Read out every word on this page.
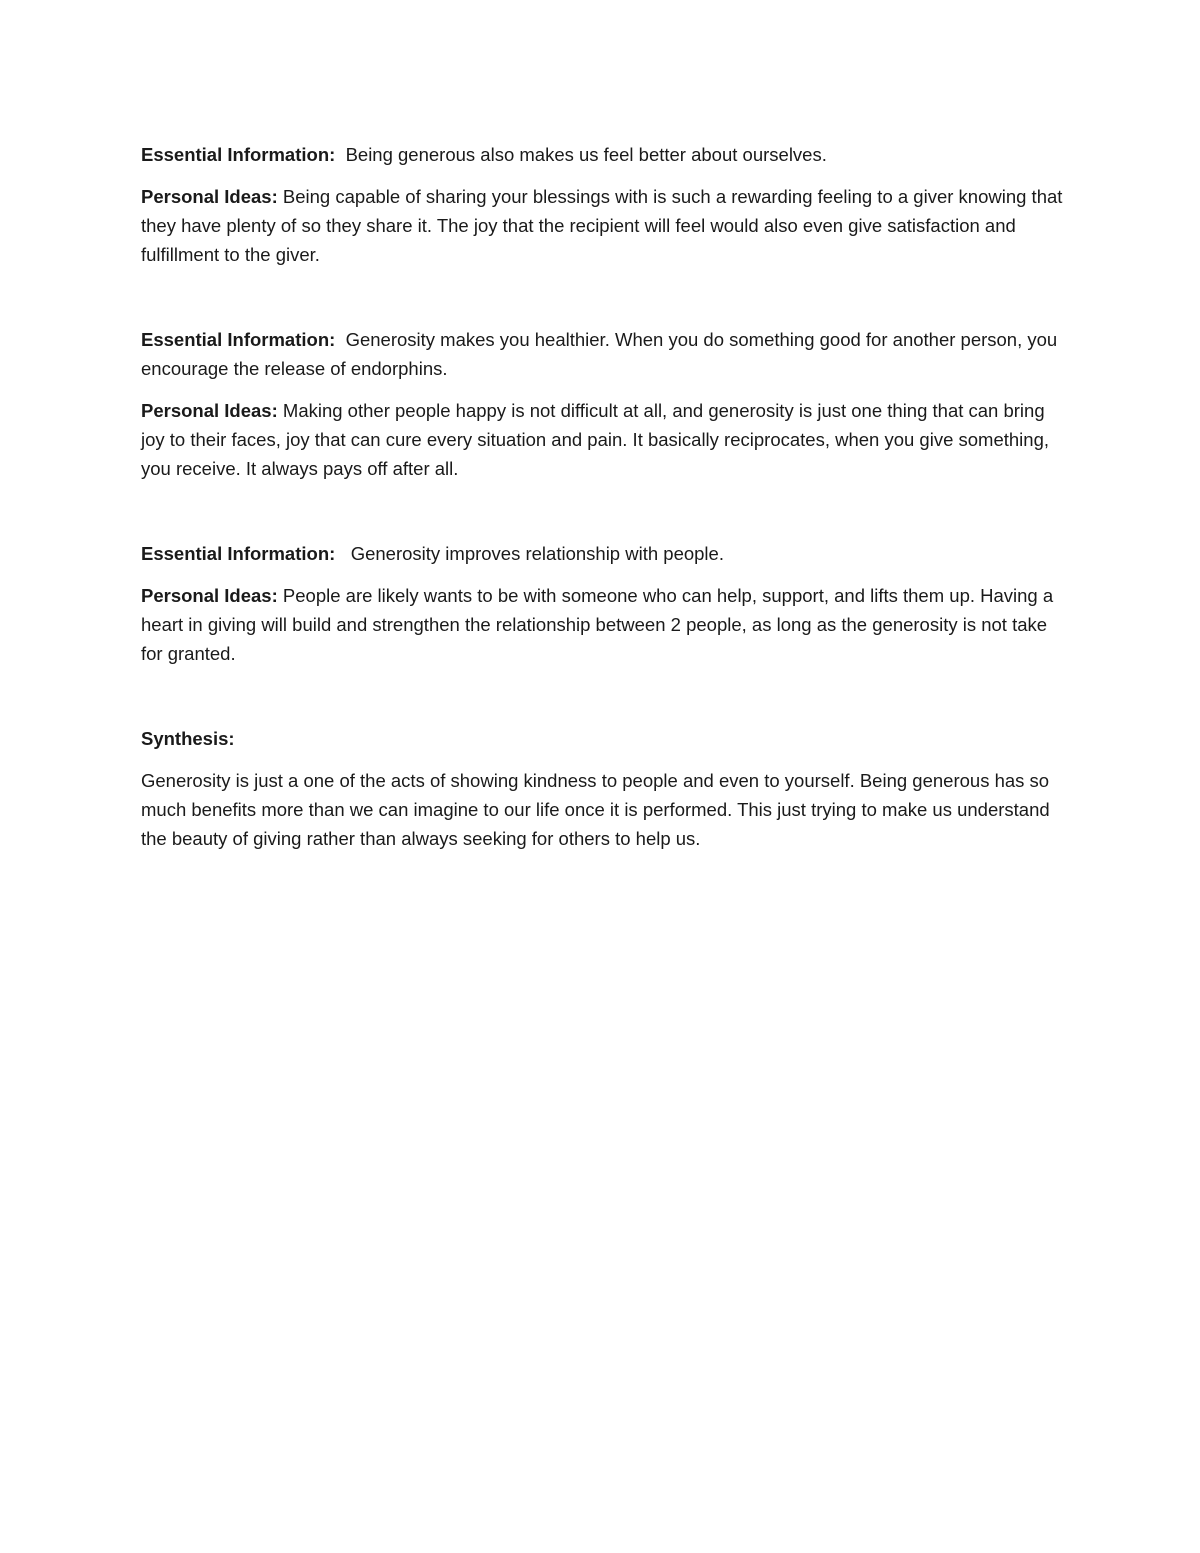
Essential Information: Being generous also makes us feel better about ourselves.

Personal Ideas: Being capable of sharing your blessings with is such a rewarding feeling to a giver knowing that they have plenty of so they share it. The joy that the recipient will feel would also even give satisfaction and fulfillment to the giver.

Essential Information: Generosity makes you healthier. When you do something good for another person, you encourage the release of endorphins.

Personal Ideas: Making other people happy is not difficult at all, and generosity is just one thing that can bring joy to their faces, joy that can cure every situation and pain. It basically reciprocates, when you give something, you receive. It always pays off after all.

Essential Information: Generosity improves relationship with people.

Personal Ideas: People are likely wants to be with someone who can help, support, and lifts them up. Having a heart in giving will build and strengthen the relationship between 2 people, as long as the generosity is not take for granted.

Synthesis:

Generosity is just a one of the acts of showing kindness to people and even to yourself. Being generous has so much benefits more than we can imagine to our life once it is performed. This just trying to make us understand the beauty of giving rather than always seeking for others to help us.
